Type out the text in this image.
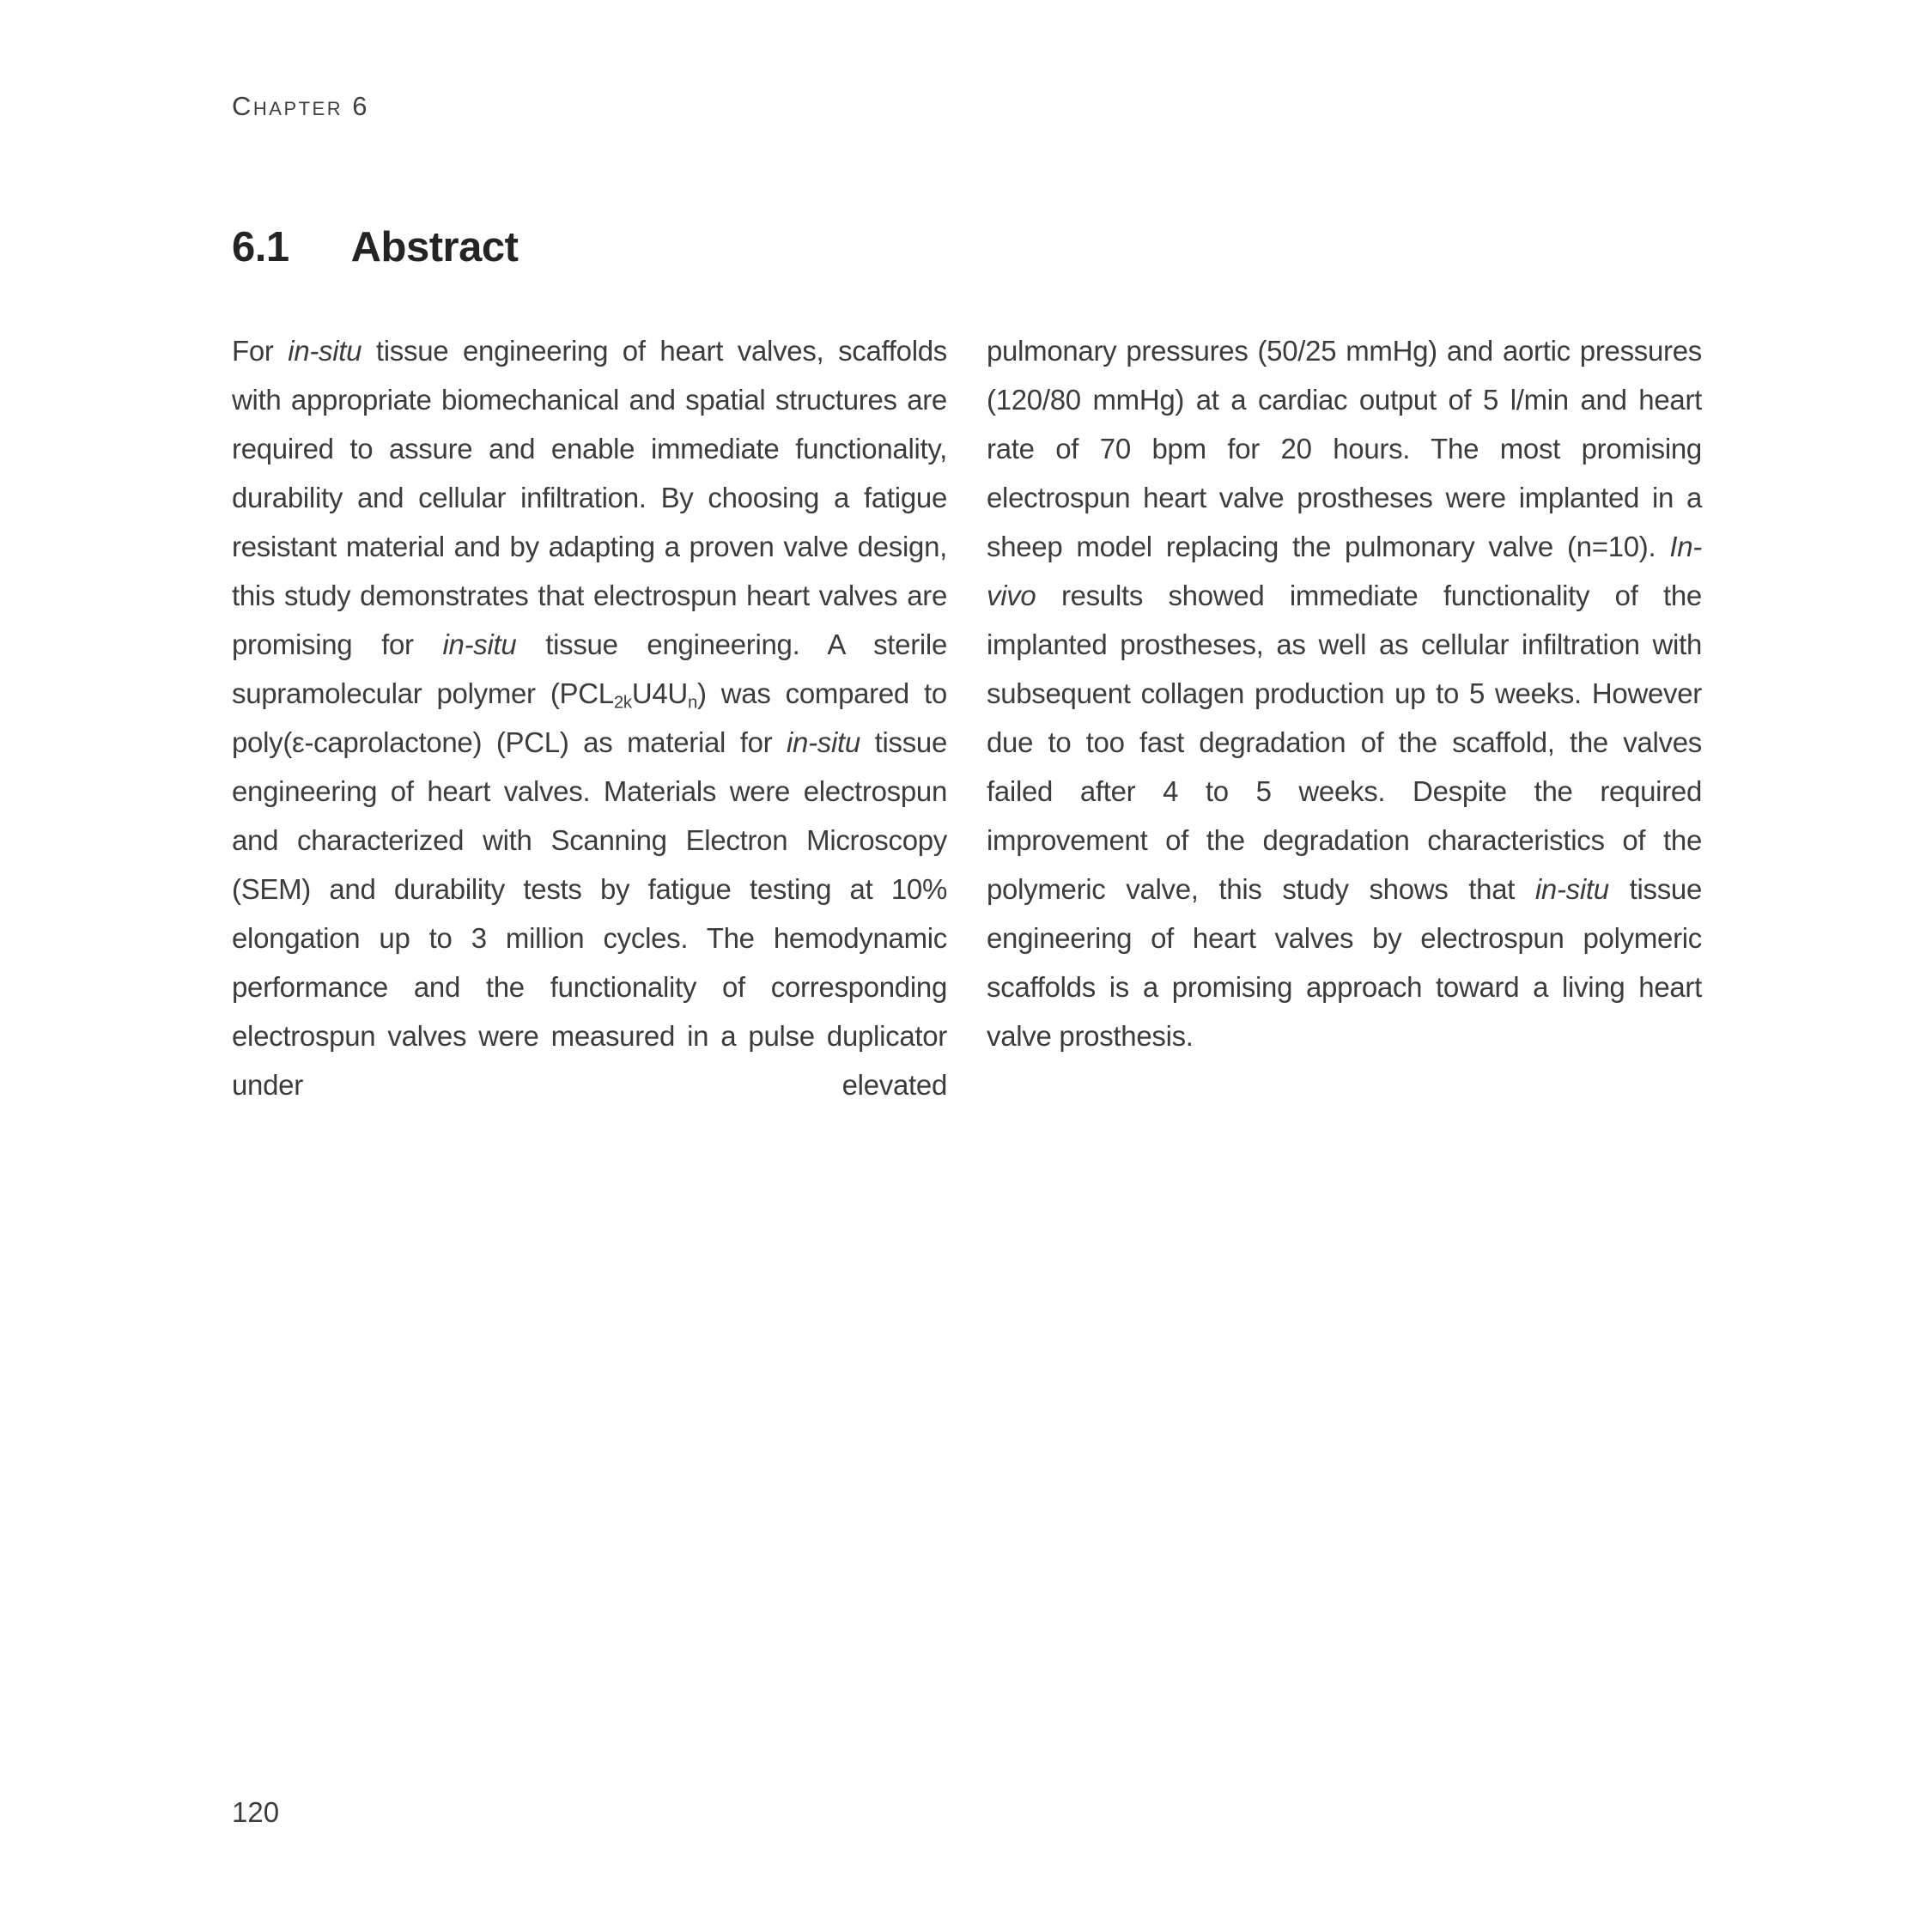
Chapter 6
6.1 Abstract
For in-situ tissue engineering of heart valves, scaffolds with appropriate biomechanical and spatial structures are required to assure and enable immediate functionality, durability and cellular infiltration. By choosing a fatigue resistant material and by adapting a proven valve design, this study demonstrates that electrospun heart valves are promising for in-situ tissue engineering. A sterile supramolecular polymer $(PCL_{2k}U4U_n)$ was compared to poly(ε-caprolactone) (PCL) as material for in-situ tissue engineering of heart valves. Materials were electrospun and characterized with Scanning Electron Microscopy (SEM) and durability tests by fatigue testing at 10% elongation up to 3 million cycles. The hemodynamic performance and the functionality of corresponding electrospun valves were measured in a pulse duplicator under elevated
pulmonary pressures (50/25 mmHg) and aortic pressures (120/80 mmHg) at a cardiac output of 5 l/min and heart rate of 70 bpm for 20 hours. The most promising electrospun heart valve prostheses were implanted in a sheep model replacing the pulmonary valve (n=10). In-vivo results showed immediate functionality of the implanted prostheses, as well as cellular infiltration with subsequent collagen production up to 5 weeks. However due to too fast degradation of the scaffold, the valves failed after 4 to 5 weeks. Despite the required improvement of the degradation characteristics of the polymeric valve, this study shows that in-situ tissue engineering of heart valves by electrospun polymeric scaffolds is a promising approach toward a living heart valve prosthesis.
120
